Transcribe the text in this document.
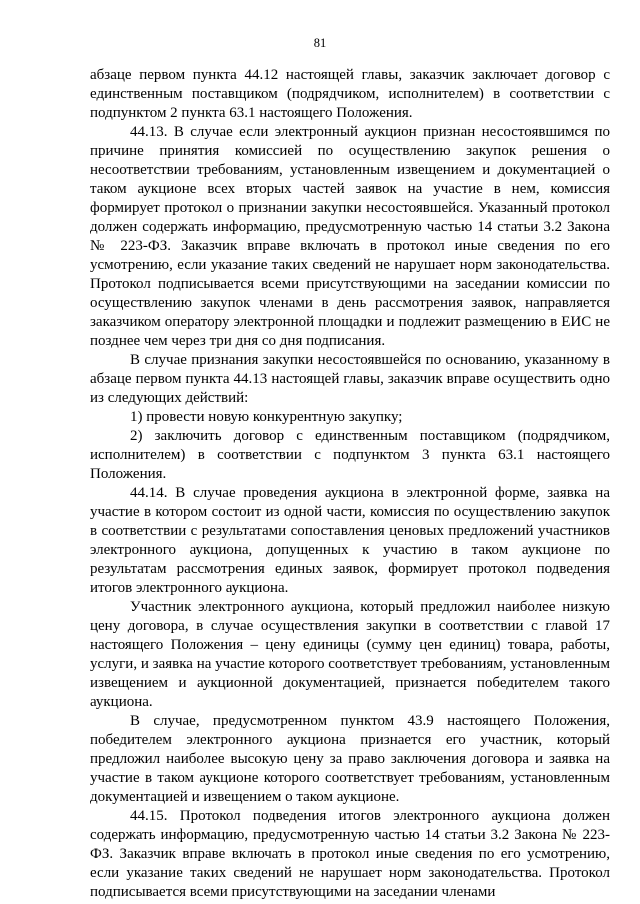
81

абзаце первом пункта 44.12 настоящей главы, заказчик заключает договор с единственным поставщиком (подрядчиком, исполнителем) в соответствии с подпунктом 2 пункта 63.1 настоящего Положения.

44.13. В случае если электронный аукцион признан несостоявшимся по причине принятия комиссией по осуществлению закупок решения о несоответствии требованиям, установленным извещением и документацией о таком аукционе всех вторых частей заявок на участие в нем, комиссия формирует протокол о признании закупки несостоявшейся. Указанный протокол должен содержать информацию, предусмотренную частью 14 статьи 3.2 Закона № 223-ФЗ. Заказчик вправе включать в протокол иные сведения по его усмотрению, если указание таких сведений не нарушает норм законодательства. Протокол подписывается всеми присутствующими на заседании комиссии по осуществлению закупок членами в день рассмотрения заявок, направляется заказчиком оператору электронной площадки и подлежит размещению в ЕИС не позднее чем через три дня со дня подписания.

В случае признания закупки несостоявшейся по основанию, указанному в абзаце первом пункта 44.13 настоящей главы, заказчик вправе осуществить одно из следующих действий:

1) провести новую конкурентную закупку;

2) заключить договор с единственным поставщиком (подрядчиком, исполнителем) в соответствии с подпунктом 3 пункта 63.1 настоящего Положения.

44.14. В случае проведения аукциона в электронной форме, заявка на участие в котором состоит из одной части, комиссия по осуществлению закупок в соответствии с результатами сопоставления ценовых предложений участников электронного аукциона, допущенных к участию в таком аукционе по результатам рассмотрения единых заявок, формирует протокол подведения итогов электронного аукциона.

Участник электронного аукциона, который предложил наиболее низкую цену договора, в случае осуществления закупки в соответствии с главой 17 настоящего Положения – цену единицы (сумму цен единиц) товара, работы, услуги, и заявка на участие которого соответствует требованиям, установленным извещением и аукционной документацией, признается победителем такого аукциона.

В случае, предусмотренном пунктом 43.9 настоящего Положения, победителем электронного аукциона признается его участник, который предложил наиболее высокую цену за право заключения договора и заявка на участие в таком аукционе которого соответствует требованиям, установленным документацией и извещением о таком аукционе.

44.15. Протокол подведения итогов электронного аукциона должен содержать информацию, предусмотренную частью 14 статьи 3.2 Закона № 223-ФЗ. Заказчик вправе включать в протокол иные сведения по его усмотрению, если указание таких сведений не нарушает норм законодательства. Протокол подписывается всеми присутствующими на заседании членами
